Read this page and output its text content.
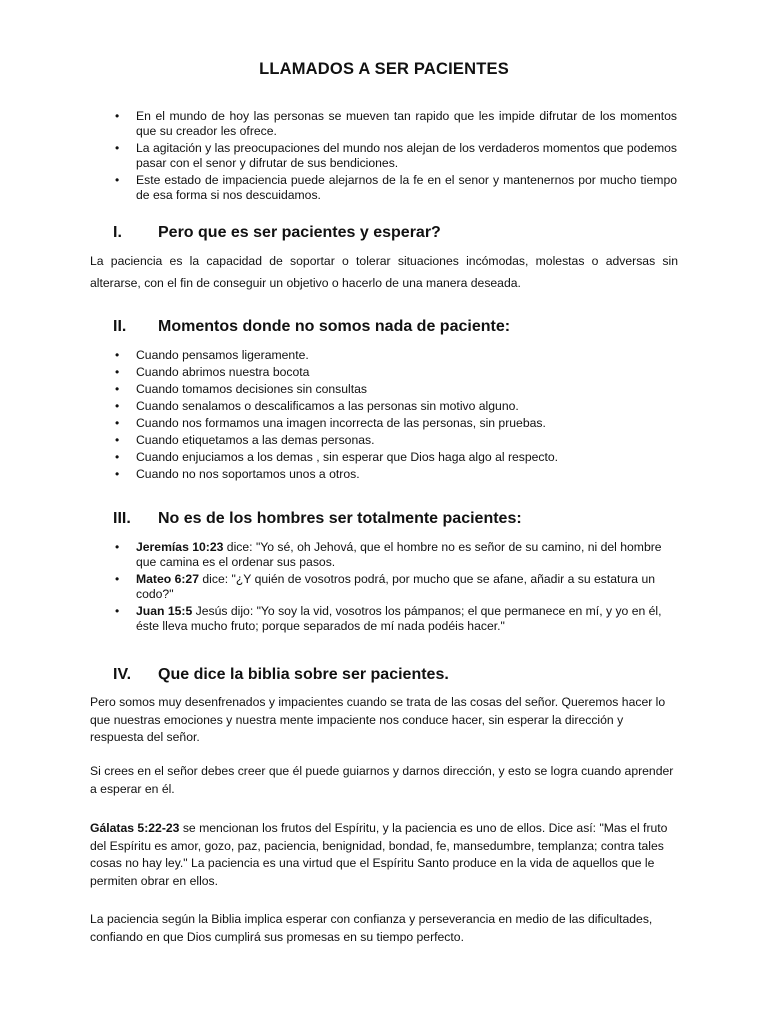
LLAMADOS A SER PACIENTES
• En el mundo de hoy las personas se mueven tan rapido que les impide difrutar de los momentos que su creador les ofrece.
• La agitación y las preocupaciones del mundo nos alejan de los verdaderos momentos que podemos pasar con el senor y difrutar de sus bendiciones.
• Este estado de impaciencia puede alejarnos de la fe en el senor y mantenernos por mucho tiempo de esa forma si nos descuidamos.
I. Pero que es ser pacientes y esperar?

La paciencia es la capacidad de soportar o tolerar situaciones incómodas, molestas o adversas sin alterarse, con el fin de conseguir un objetivo o hacerlo de una manera deseada.

II. Momentos donde no somos nada de paciente:
• Cuando pensamos ligeramente.
• Cuando abrimos nuestra bocota
• Cuando tomamos decisiones sin consultas
• Cuando senalamos o descalificamos a las personas sin motivo alguno.
• Cuando nos formamos una imagen incorrecta de las personas, sin pruebas.
• Cuando etiquetamos a las demas personas.
• Cuando enjuciamos a los demas , sin esperar que Dios haga algo al respecto.
• Cuando no nos soportamos unos a otros.
III. No es de los hombres ser totalmente pacientes:
• Jeremías 10:23 dice: "Yo sé, oh Jehová, que el hombre no es señor de su camino, ni del hombre que camina es el ordenar sus pasos.
• Mateo 6:27 dice: "¿Y quién de vosotros podrá, por mucho que se afane, añadir a su estatura un codo?"
• Juan 15:5 Jesús dijo: "Yo soy la vid, vosotros los pámpanos; el que permanece en mí, y yo en él, éste lleva mucho fruto; porque separados de mí nada podéis hacer."
IV. Que dice la biblia sobre ser pacientes.

Pero somos muy desenfrenados y impacientes cuando se trata de las cosas del señor. Queremos hacer lo que nuestras emociones y nuestra mente impaciente nos conduce hacer, sin esperar la dirección y respuesta del señor.

Si crees en el señor debes creer que él puede guiarnos y darnos dirección, y esto se logra cuando aprender a esperar en él.

Gálatas 5:22-23 se mencionan los frutos del Espíritu, y la paciencia es uno de ellos. Dice así: "Mas el fruto del Espíritu es amor, gozo, paz, paciencia, benignidad, bondad, fe, mansedumbre, templanza; contra tales cosas no hay ley." La paciencia es una virtud que el Espíritu Santo produce en la vida de aquellos que le permiten obrar en ellos.

La paciencia según la Biblia implica esperar con confianza y perseverancia en medio de las dificultades, confiando en que Dios cumplirá sus promesas en su tiempo perfecto.
